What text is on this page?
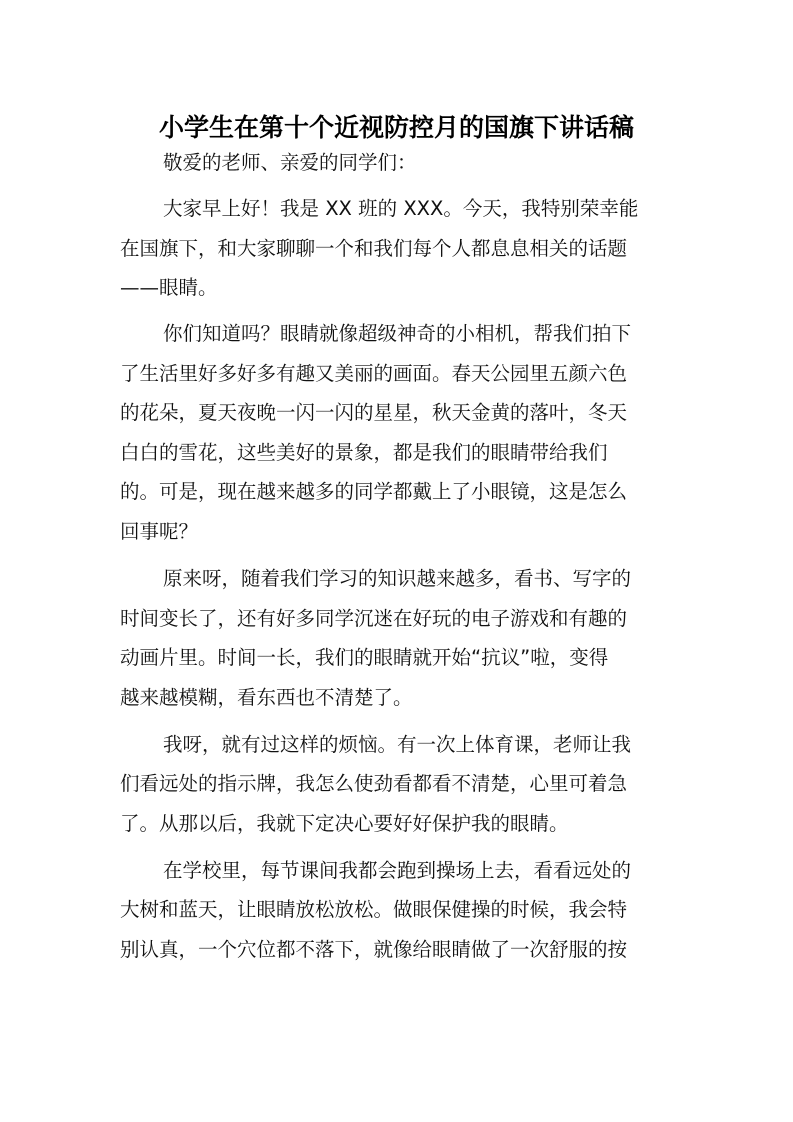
小学生在第十个近视防控月的国旗下讲话稿
敬爱的老师、亲爱的同学们：
大家早上好！我是 XX 班的 XXX。今天，我特别荣幸能
在国旗下，和大家聊聊一个和我们每个人都息息相关的话题
——眼睛。
你们知道吗？眼睛就像超级神奇的小相机，帮我们拍下
了生活里好多好多有趣又美丽的画面。春天公园里五颜六色
的花朵，夏天夜晚一闪一闪的星星，秋天金黄的落叶，冬天
白白的雪花，这些美好的景象，都是我们的眼睛带给我们
的。可是，现在越来越多的同学都戴上了小眼镜，这是怎么
回事呢？
原来呀，随着我们学习的知识越来越多，看书、写字的
时间变长了，还有好多同学沉迷在好玩的电子游戏和有趣的
动画片里。时间一长，我们的眼睛就开始“抗议”啦，变得
越来越模糊，看东西也不清楚了。
我呀，就有过这样的烦恼。有一次上体育课，老师让我
们看远处的指示牌，我怎么使劲看都看不清楚，心里可着急
了。从那以后，我就下定决心要好好保护我的眼睛。
在学校里，每节课间我都会跑到操场上去，看看远处的
大树和蓝天，让眼睛放松放松。做眼保健操的时候，我会特
别认真，一个穴位都不落下，就像给眼睛做了一次舒服的按
